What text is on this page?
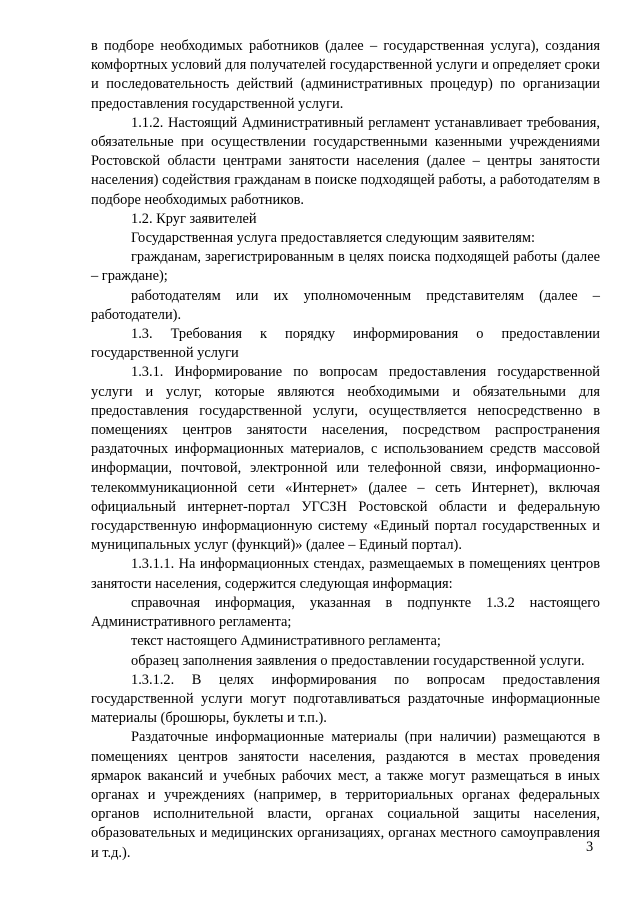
в подборе необходимых работников (далее – государственная услуга), создания комфортных условий для получателей государственной услуги и определяет сроки и последовательность действий (административных процедур) по организации предоставления государственной услуги.

1.1.2. Настоящий Административный регламент устанавливает требования, обязательные при осуществлении государственными казенными учреждениями Ростовской области центрами занятости населения (далее – центры занятости населения) содействия гражданам в поиске подходящей работы, а работодателям в подборе необходимых работников.

1.2. Круг заявителей

Государственная услуга предоставляется следующим заявителям:

гражданам, зарегистрированным в целях поиска подходящей работы (далее – граждане);

работодателям или их уполномоченным представителям (далее – работодатели).

1.3. Требования к порядку информирования о предоставлении государственной услуги

1.3.1. Информирование по вопросам предоставления государственной услуги и услуг, которые являются необходимыми и обязательными для предоставления государственной услуги, осуществляется непосредственно в помещениях центров занятости населения, посредством распространения раздаточных информационных материалов, с использованием средств массовой информации, почтовой, электронной или телефонной связи, информационно-телекоммуникационной сети «Интернет» (далее – сеть Интернет), включая официальный интернет-портал УГСЗН Ростовской области и федеральную государственную информационную систему «Единый портал государственных и муниципальных услуг (функций)» (далее – Единый портал).

1.3.1.1. На информационных стендах, размещаемых в помещениях центров занятости населения, содержится следующая информация:

справочная информация, указанная в подпункте 1.3.2 настоящего Административного регламента;

текст настоящего Административного регламента;

образец заполнения заявления о предоставлении государственной услуги.

1.3.1.2. В целях информирования по вопросам предоставления государственной услуги могут подготавливаться раздаточные информационные материалы (брошюры, буклеты и т.п.).

Раздаточные информационные материалы (при наличии) размещаются в помещениях центров занятости населения, раздаются в местах проведения ярмарок вакансий и учебных рабочих мест, а также могут размещаться в иных органах и учреждениях (например, в территориальных органах федеральных органов исполнительной власти, органах социальной защиты населения, образовательных и медицинских организациях, органах местного самоуправления и т.д.).	3
